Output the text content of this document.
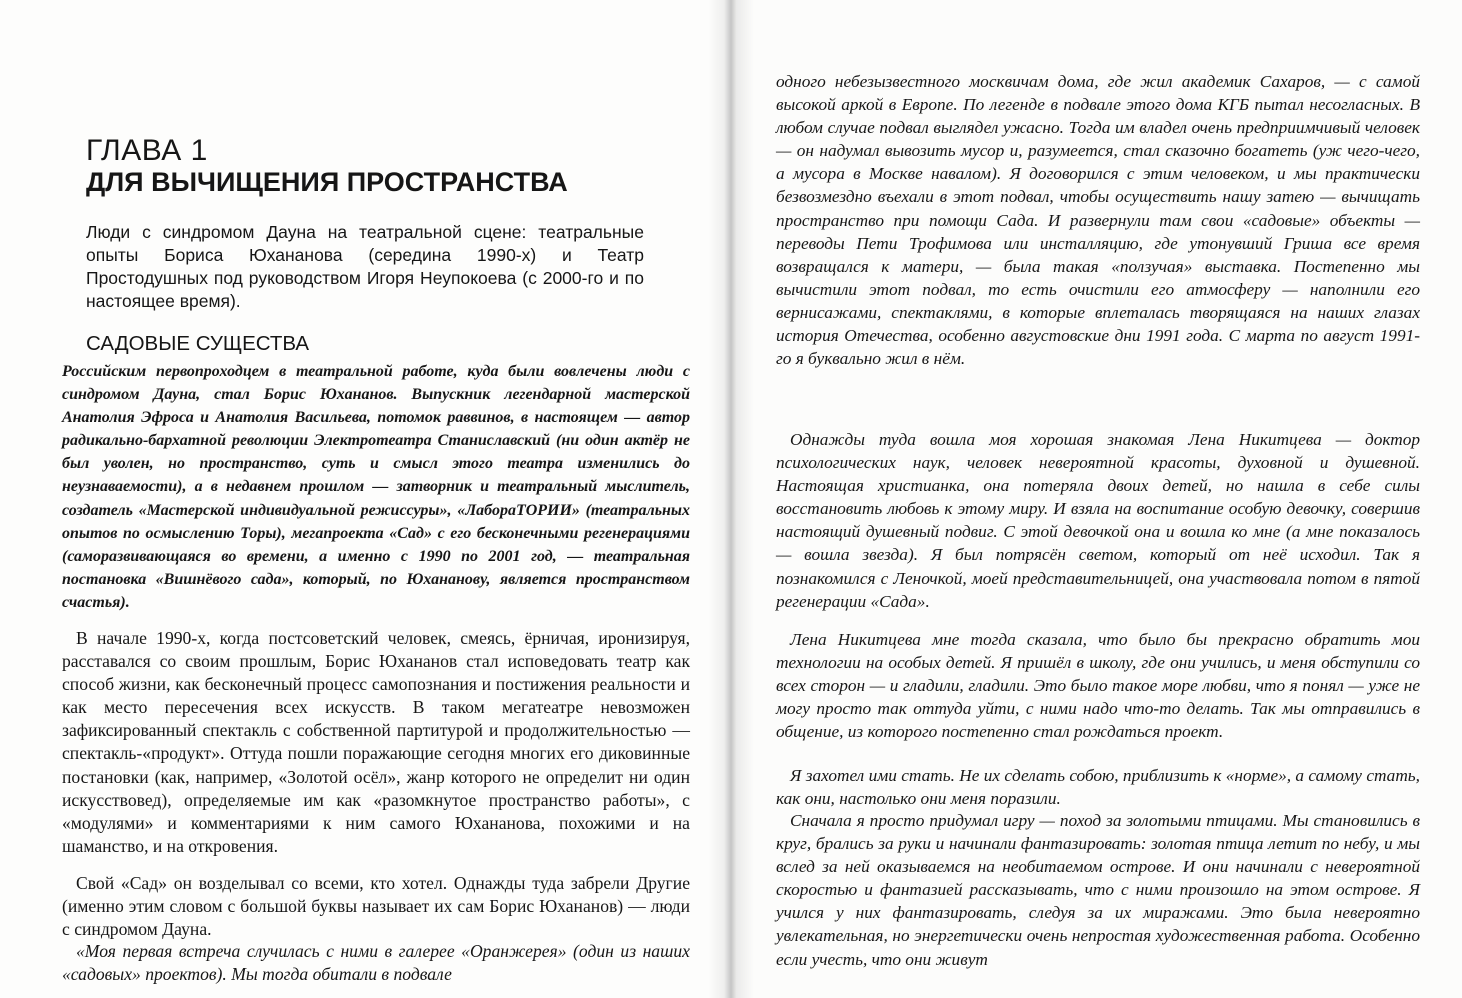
ГЛАВА 1
ДЛЯ ВЫЧИЩЕНИЯ ПРОСТРАНСТВА

Люди с синдромом Дауна на театральной сцене: театральные опыты Бориса Юхананова (середина 1990-х) и Театр Простодушных под руководством Игоря Неупокоева (с 2000-го и по настоящее время).

САДОВЫЕ СУЩЕСТВА

Российским первопроходцем в театральной работе, куда были вовлечены люди с синдромом Дауна, стал Борис Юхананов. Выпускник легендарной мастерской Анатолия Эфроса и Анатолия Васильева, потомок раввинов, в настоящем — автор радикально-бархатной революции Электротеатра Станиславский (ни один актёр не был уволен, но пространство, суть и смысл этого театра изменились до неузнаваемости), а в недавнем прошлом — затворник и театральный мыслитель, создатель «Мастерской индивидуальной режиссуры», «ЛабораТОРИИ» (театральных опытов по осмыслению Торы), мегапроекта «Сад» с его бесконечными регенерациями (саморазвивающаяся во времени, а именно с 1990 по 2001 год, — театральная постановка «Вишнёвого сада», который, по Юхананову, является пространством счастья).

В начале 1990-х, когда постсоветский человек, смеясь, ёрничая, иронизируя, расставался со своим прошлым, Борис Юхананов стал исповедовать театр как способ жизни, как бесконечный процесс самопознания и постижения реальности и как место пересечения всех искусств. В таком мегатеатре невозможен зафиксированный спектакль с собственной партитурой и продолжительностью — спектакль-«продукт». Оттуда пошли поражающие сегодня многих его диковинные постановки (как, например, «Золотой осёл», жанр которого не определит ни один искусствовед), определяемые им как «разомкнутое пространство работы», с «модулями» и комментариями к ним самого Юхананова, похожими и на шаманство, и на откровения.

Свой «Сад» он возделывал со всеми, кто хотел. Однажды туда забрели Другие (именно этим словом с большой буквы называет их сам Борис Юхананов) — люди с синдромом Дауна.

«Моя первая встреча случилась с ними в галерее «Оранжерея» (один из наших «садовых» проектов). Мы тогда обитали в подвале

одного небезызвестного москвичам дома, где жил академик Сахаров, — с самой высокой аркой в Европе. По легенде в подвале этого дома КГБ пытал несогласных. В любом случае подвал выглядел ужасно. Тогда им владел очень предприимчивый человек — он надумал вывозить мусор и, разумеется, стал сказочно богатеть (уж чего-чего, а мусора в Москве навалом). Я договорился с этим человеком, и мы практически безвозмездно въехали в этот подвал, чтобы осуществить нашу затею — вычищать пространство при помощи Сада. И развернули там свои «садовые» объекты — переводы Пети Трофимова или инсталляцию, где утонувший Гриша все время возвращался к матери, — была такая «ползучая» выставка. Постепенно мы вычистили этот подвал, то есть очистили его атмосферу — наполнили его вернисажами, спектаклями, в которые вплеталась творящаяся на наших глазах история Отечества, особенно августовские дни 1991 года. С марта по август 1991-го я буквально жил в нём.

Однажды туда вошла моя хорошая знакомая Лена Никитцева — доктор психологических наук, человек невероятной красоты, духовной и душевной. Настоящая христианка, она потеряла двоих детей, но нашла в себе силы восстановить любовь к этому миру. И взяла на воспитание особую девочку, совершив настоящий душевный подвиг. С этой девочкой она и вошла ко мне (а мне показалось — вошла звезда). Я был потрясён светом, который от неё исходил. Так я познакомился с Леночкой, моей представительницей, она участвовала потом в пятой регенерации «Сада».

Лена Никитцева мне тогда сказала, что было бы прекрасно обратить мои технологии на особых детей. Я пришёл в школу, где они учились, и меня обступили со всех сторон — и гладили, гладили. Это было такое море любви, что я понял — уже не могу просто так оттуда уйти, с ними надо что-то делать. Так мы отправились в общение, из которого постепенно стал рождаться проект.

Я захотел ими стать. Не их сделать собою, приблизить к «норме», а самому стать, как они, настолько они меня поразили.

Сначала я просто придумал игру — поход за золотыми птицами. Мы становились в круг, брались за руки и начинали фантазировать: золотая птица летит по небу, и мы вслед за ней оказываемся на необитаемом острове. И они начинали с невероятной скоростью и фантазией рассказывать, что с ними произошло на этом острове. Я учился у них фантазировать, следуя за их миражами. Это была невероятно увлекательная, но энергетически очень непростая художественная работа. Особенно если учесть, что они живут
